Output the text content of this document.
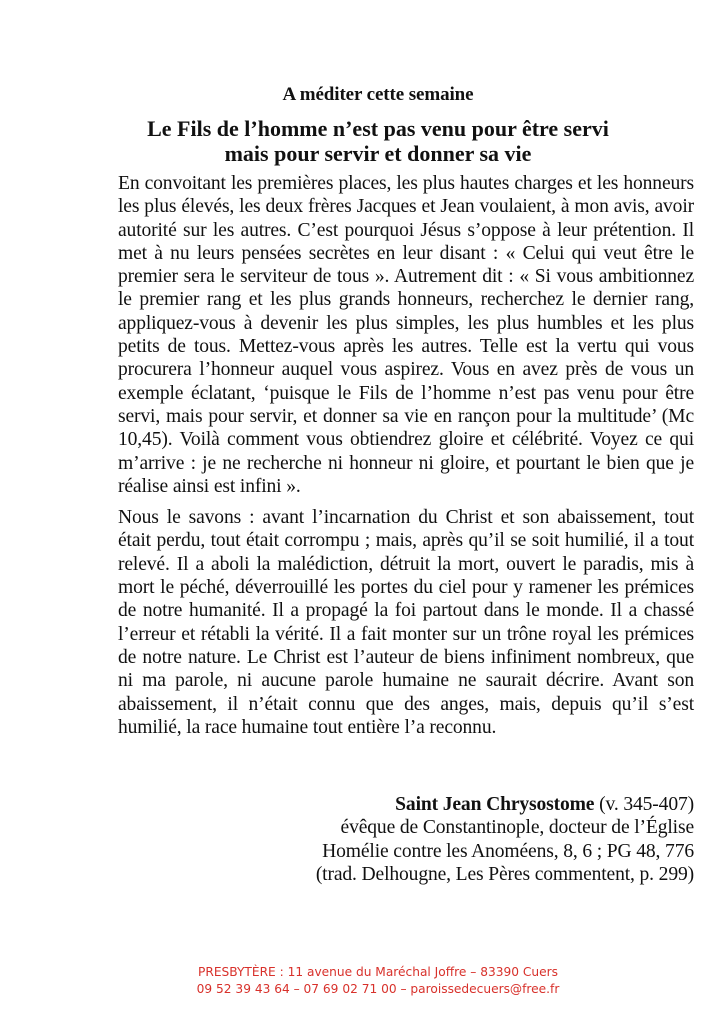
A méditer cette semaine
Le Fils de l’homme n’est pas venu pour être servi
mais pour servir et donner sa vie

En convoitant les premières places, les plus hautes charges et les honneurs les plus élevés, les deux frères Jacques et Jean voulaient, à mon avis, avoir autorité sur les autres. C’est pourquoi Jésus s’oppose à leur prétention. Il met à nu leurs pensées secrètes en leur disant : « Celui qui veut être le premier sera le serviteur de tous ». Autrement dit : « Si vous ambitionnez le premier rang et les plus grands honneurs, recherchez le dernier rang, appliquez-vous à devenir les plus simples, les plus humbles et les plus petits de tous. Mettez-vous après les autres. Telle est la vertu qui vous procurera l’honneur auquel vous aspirez. Vous en avez près de vous un exemple éclatant, ‘puisque le Fils de l’homme n’est pas venu pour être servi, mais pour servir, et donner sa vie en rançon pour la multitude’ (Mc 10,45). Voilà comment vous obtiendrez gloire et célébrité. Voyez ce qui m’arrive : je ne recherche ni honneur ni gloire, et pourtant le bien que je réalise ainsi est infini ».

Nous le savons : avant l’incarnation du Christ et son abaissement, tout était perdu, tout était corrompu ; mais, après qu’il se soit humilié, il a tout relevé. Il a aboli la malédiction, détruit la mort, ouvert le paradis, mis à mort le péché, déverrouillé les portes du ciel pour y ramener les prémices de notre humanité. Il a propagé la foi partout dans le monde. Il a chassé l’erreur et rétabli la vérité. Il a fait monter sur un trône royal les prémices de notre nature. Le Christ est l’auteur de biens infiniment nombreux, que ni ma parole, ni aucune parole humaine ne saurait décrire. Avant son abaissement, il n’était connu que des anges, mais, depuis qu’il s’est humilié, la race humaine tout entière l’a reconnu.

Saint Jean Chrysostome (v. 345-407)
évêque de Constantinople, docteur de l’Église
Homélie contre les Anoméens, 8, 6 ; PG 48, 776
(trad. Delhougne, Les Pères commentent, p. 299)
PRESBYTÈRE : 11 avenue du Maréchal Joffre – 83390 Cuers
09 52 39 43 64 – 07 69 02 71 00 – paroissedecuers@free.fr
